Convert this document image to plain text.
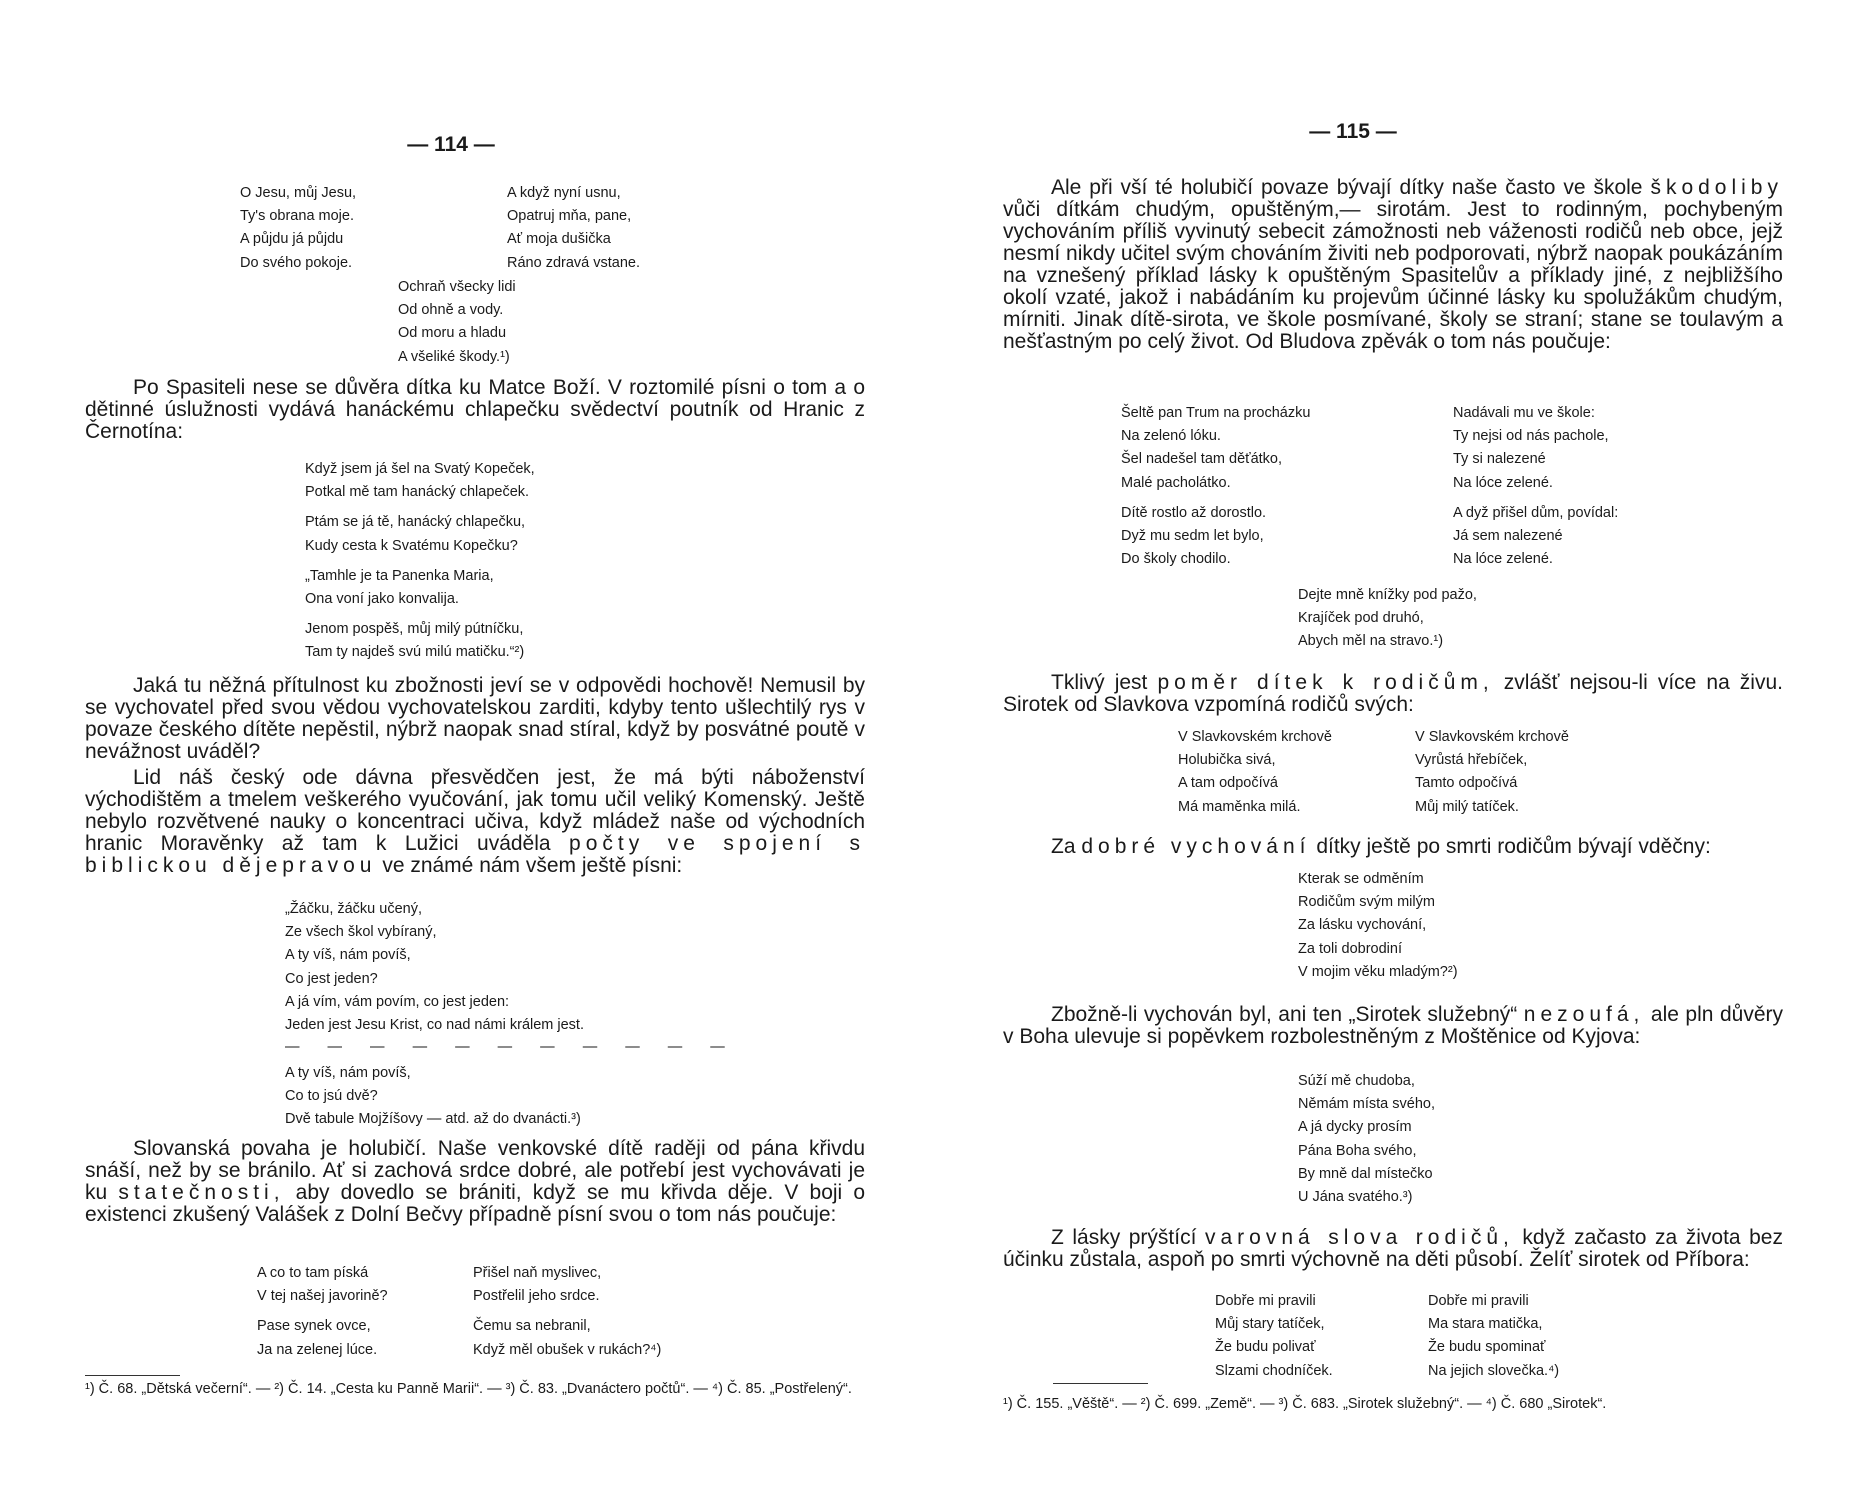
— 114 —
O Jesu, můj Jesu,
Ty's obrana moje.
A půjdu já půjdu
Do svého pokoje.
A když nyní usnu,
Opatruj mňa, pane,
Ať moja dušička
Ráno zdravá vstane.
Ochraň všecky lidi
Od ohně a vody.
Od moru a hladu
A všeliké škody.¹)

Po Spasiteli nese se důvěra dítka ku Matce Boží. V roztomilé písni o tom a o dětinné úslužnosti vydává hanáckému chlapečku svědectví poutník od Hranic z Černotína:

Když jsem já šel na Svatý Kopeček,
Potkal mě tam hanácký chlapeček.
Ptám se já tě, hanácký chlapečku,
Kudy cesta k Svatému Kopečku?
„Tamhle je ta Panenka Maria,
Ona voní jako konvalija.
Jenom pospěš, můj milý pútníčku,
Tam ty najdeš svú milú matičku.“²)

Jaká tu něžná přítulnost ku zbožnosti jeví se v odpovědi hochově! Nemusil by se vychovatel před svou vědou vychovatelskou zarditi, kdyby tento ušlechtilý rys v povaze českého dítěte nepěstil, nýbrž naopak snad stíral, když by posvátné poutě v nevážnost uváděl?

Lid náš český ode dávna přesvědčen jest, že má býti náboženství východištěm a tmelem veškerého vyučování, jak tomu učil veliký Komenský. Ještě nebylo rozvětvené nauky o koncentraci učiva, když mládež naše od východních hranic Moravěnky až tam k Lužici uváděla počty ve spojení s biblickou dějepravou ve známé nám všem ještě písni:

„Žáčku, žáčku učený,
Ze všech škol vybíraný,
A ty víš, nám povíš,
Co jest jeden?
A já vím, vám povím, co jest jeden:
Jeden jest Jesu Krist, co nad námi králem jest.
— — — — — — — — — — —
A ty víš, nám povíš,
Co to jsú dvě?
Dvě tabule Mojžíšovy — atd. až do dvanácti.³)

Slovanská povaha je holubičí. Naše venkovské dítě raději od pána křivdu snáší, než by se bránilo. Ať si zachová srdce dobré, ale potřebí jest vychovávati je ku statečnosti, aby dovedlo se brániti, když se mu křivda děje. V boji o existenci zkušený Valášek z Dolní Bečvy případně písní svou o tom nás poučuje:

A co to tam píská
V tej našej javorině?
Pase synek ovce,
Ja na zelenej lúce.
Přišel naň myslivec,
Postřelil jeho srdce.
Čemu sa nebranil,
Když měl obušek v rukách?⁴)

¹) Č. 68. „Dětská večerní“. — ²) Č. 14. „Cesta ku Panně Marii“. — ³) Č. 83. „Dvanáctero počtů“. — ⁴) Č. 85. „Postřelený“.

— 115 —

Ale při vší té holubičí povaze bývají dítky naše často ve škole škodoliby vůči dítkám chudým, opuštěným,— sirotám. Jest to rodinným, pochybeným vychováním příliš vyvinutý sebecit zámožnosti neb váženosti rodičů neb obce, jejž nesmí nikdy učitel svým chováním živiti neb podporovati, nýbrž naopak poukázáním na vznešený příklad lásky k opuštěným Spasitelův a příklady jiné, z nejbližšího okolí vzaté, jakož i nabádáním ku projevům účinné lásky ku spolužákům chudým, mírniti. Jinak dítě-sirota, ve škole posmívané, školy se straní; stane se toulavým a nešťastným po celý život. Od Bludova zpěvák o tom nás poučuje:

Šeltě pan Trum na procházku
Na zelenó lóku.
Šel nadešel tam děťátko,
Malé pacholátko.
Dítě rostlo až dorostlo.
Dyž mu sedm let bylo,
Do školy chodilo.
Nadávali mu ve škole:
Ty nejsi od nás pachole,
Ty si nalezené
Na lóce zelené.
A dyž přišel dům, povídal:
Já sem nalezené
Na lóce zelené.
Dejte mně knížky pod pažo,
Krajíček pod druhó,
Abych měl na stravo.¹)

Tklivý jest poměr dítek k rodičům, zvlášť nejsou-li více na živu. Sirotek od Slavkova vzpomíná rodičů svých:

V Slavkovském krchově
Holubička sivá,
A tam odpočívá
Má maměnka milá.
V Slavkovském krchově
Vyrůstá hřebíček,
Tamto odpočívá
Můj milý tatíček.

Za dobré vychování dítky ještě po smrti rodičům bývají vděčny:

Kterak se odměním
Rodičům svým milým
Za lásku vychování,
Za toli dobrodiní
V mojim věku mladým?²)

Zbožně-li vychován byl, ani ten „Sirotek služebný“ nezoufá, ale pln důvěry v Boha ulevuje si popěvkem rozbolestněným z Moštěnice od Kyjova:

Súží mě chudoba,
Němám místa svého,
A já dycky prosím
Pána Boha svého,
By mně dal místečko
U Jána svatého.³)

Z lásky prýštící varovná slova rodičů, když začasto za života bez účinku zůstala, aspoň po smrti výchovně na děti působí. Želíť sirotek od Příbora:

Dobře mi pravili
Můj stary tatíček,
Že budu polivať
Slzami chodníček.
Dobře mi pravili
Ma stara matička,
Že budu spominať
Na jejich slovečka.⁴)

¹) Č. 155. „Věště“. — ²) Č. 699. „Země“. — ³) Č. 683. „Sirotek služebný“. — ⁴) Č. 680 „Sirotek“.
